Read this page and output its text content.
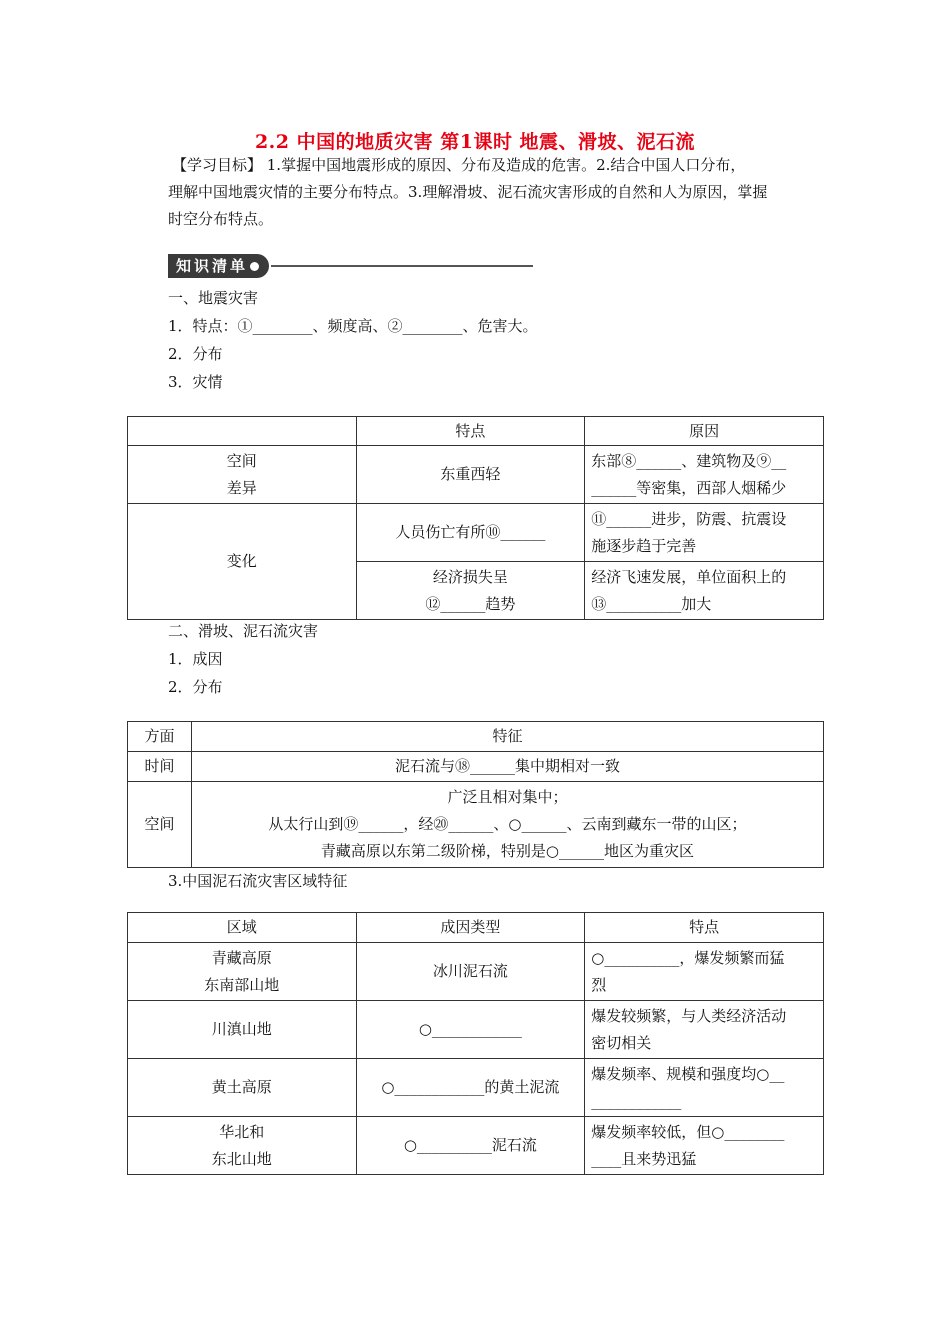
2.2 中国的地质灾害 第1课时 地震、滑坡、泥石流
【学习目标】 1.掌握中国地震形成的原因、分布及造成的危害。2.结合中国人口分布，
理解中国地震灾情的主要分布特点。3.理解滑坡、泥石流灾害形成的自然和人为原因，掌握
时空分布特点。
知识清单
一、地震灾害
1．特点：①________、频度高、②________、危害大。
2．分布
3．灾情
	特点	原因
空间
差异	东重西轻	东部⑧______、建筑物及⑨__
______等密集，西部人烟稀少
变化	人员伤亡有所⑩______	⑪______进步，防震、抗震设
施逐步趋于完善
	经济损失呈
⑫______趋势	经济飞速发展，单位面积上的
⑬__________加大
二、滑坡、泥石流灾害
1．成因
2．分布
方面	特征
时间	泥石流与⑱______集中期相对一致
空间	广泛且相对集中；
从太行山到⑲______，经⑳______、○______、云南到藏东一带的山区；
青藏高原以东第二级阶梯，特别是○______地区为重灾区
3.中国泥石流灾害区域特征
区域	成因类型	特点
青藏高原
东南部山地	冰川泥石流	○__________，爆发频繁而猛
烈
川滇山地	○____________	爆发较频繁，与人类经济活动
密切相关
黄土高原	○____________的黄土泥流	爆发频率、规模和强度均○__
____________
华北和
东北山地	○__________泥石流	爆发频率较低，但○________
____且来势迅猛
